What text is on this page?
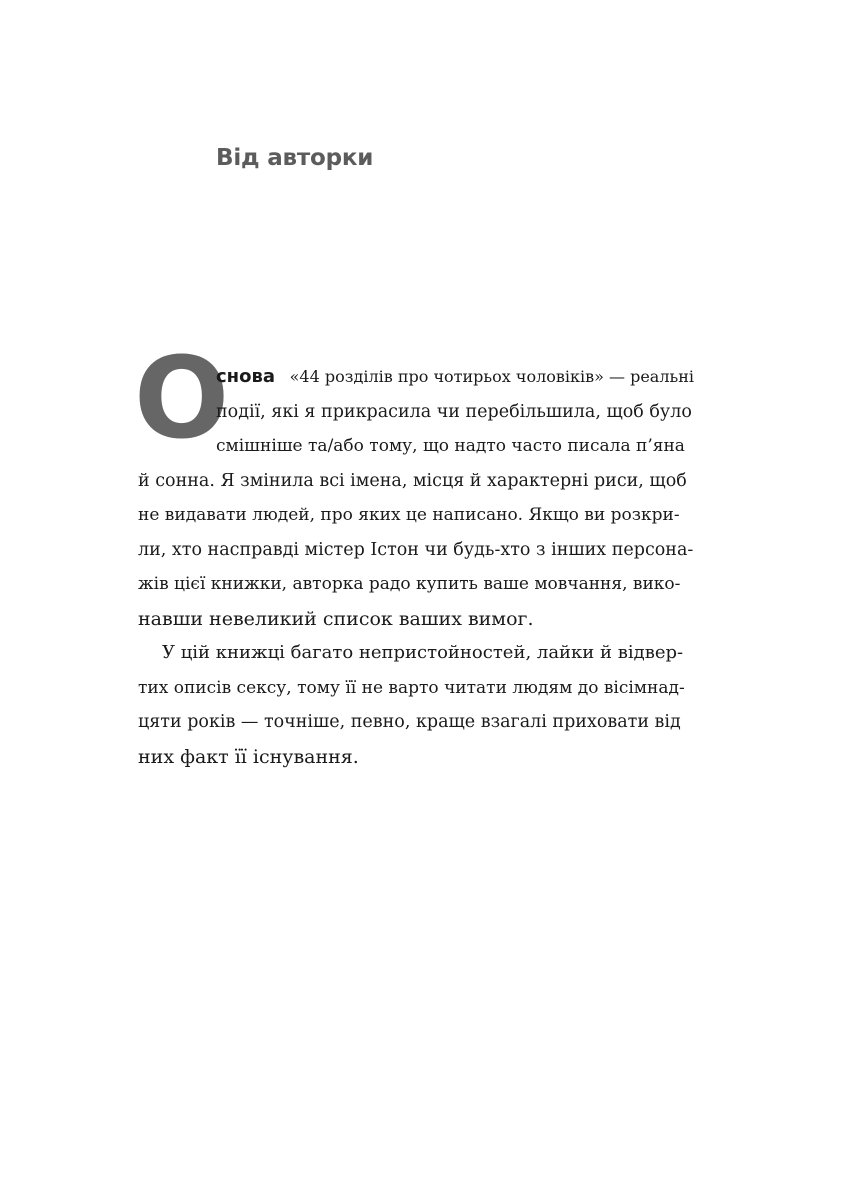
Від авторки
О
снова «44 розділів про чотирьох чоловіків» — реальні
події, які я прикрасила чи перебільшила, щоб було
смішніше та/або тому, що надто часто писала п’яна
й сонна. Я змінила всі імена, місця й характерні риси, щоб
не видавати людей, про яких це написано. Якщо ви розкри-
ли, хто насправді містер Істон чи будь-хто з інших персона-
жів цієї книжки, авторка радо купить ваше мовчання, вико-
навши невеликий список ваших вимог.
У цій книжці багато непристойностей, лайки й відвер-
тих описів сексу, тому її не варто читати людям до вісімнад-
цяти років — точніше, певно, краще взагалі приховати від
них факт її існування.
